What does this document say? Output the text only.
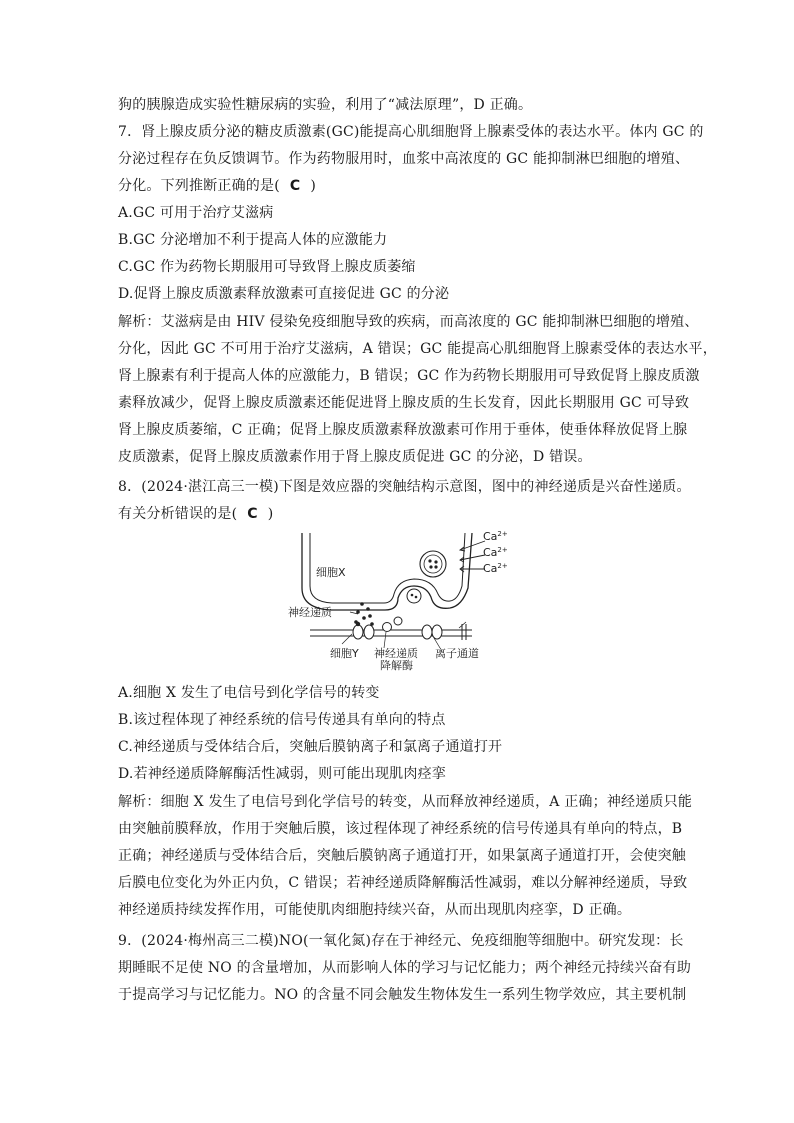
狗的胰腺造成实验性糖尿病的实验，利用了“减法原理”，D 正确。
7．肾上腺皮质分泌的糖皮质激素(GC)能提高心肌细胞肾上腺素受体的表达水平。体内 GC 的
分泌过程存在负反馈调节。作为药物服用时，血浆中高浓度的 GC 能抑制淋巴细胞的增殖、
分化。下列推断正确的是( C )
A.GC 可用于治疗艾滋病
B.GC 分泌增加不利于提高人体的应激能力
C.GC 作为药物长期服用可导致肾上腺皮质萎缩
D.促肾上腺皮质激素释放激素可直接促进 GC 的分泌
解析：艾滋病是由 HIV 侵染免疫细胞导致的疾病，而高浓度的 GC 能抑制淋巴细胞的增殖、
分化，因此 GC 不可用于治疗艾滋病，A 错误；GC 能提高心肌细胞肾上腺素受体的表达水平，
肾上腺素有利于提高人体的应激能力，B 错误；GC 作为药物长期服用可导致促肾上腺皮质激
素释放减少，促肾上腺皮质激素还能促进肾上腺皮质的生长发育，因此长期服用 GC 可导致
肾上腺皮质萎缩，C 正确；促肾上腺皮质激素释放激素可作用于垂体，使垂体释放促肾上腺
皮质激素，促肾上腺皮质激素作用于肾上腺皮质促进 GC 的分泌，D 错误。
8．(2024·湛江高三一模)下图是效应器的突触结构示意图，图中的神经递质是兴奋性递质。
有关分析错误的是( C )
$Ca^{2+}$
$Ca^{2+}$
$Ca^{2+}$
细胞X
神经递质
细胞Y 神经递质
降解酶
离子通道
A.细胞 X 发生了电信号到化学信号的转变
B.该过程体现了神经系统的信号传递具有单向的特点
C.神经递质与受体结合后，突触后膜钠离子和氯离子通道打开
D.若神经递质降解酶活性减弱，则可能出现肌肉痉挛
解析：细胞 X 发生了电信号到化学信号的转变，从而释放神经递质，A 正确；神经递质只能
由突触前膜释放，作用于突触后膜，该过程体现了神经系统的信号传递具有单向的特点，B
正确；神经递质与受体结合后，突触后膜钠离子通道打开，如果氯离子通道打开，会使突触
后膜电位变化为外正内负，C 错误；若神经递质降解酶活性减弱，难以分解神经递质，导致
神经递质持续发挥作用，可能使肌肉细胞持续兴奋，从而出现肌肉痉挛，D 正确。
9．(2024·梅州高三二模)NO(一氧化氮)存在于神经元、免疫细胞等细胞中。研究发现：长
期睡眠不足使 NO 的含量增加，从而影响人体的学习与记忆能力；两个神经元持续兴奋有助
于提高学习与记忆能力。NO 的含量不同会触发生物体发生一系列生物学效应，其主要机制
